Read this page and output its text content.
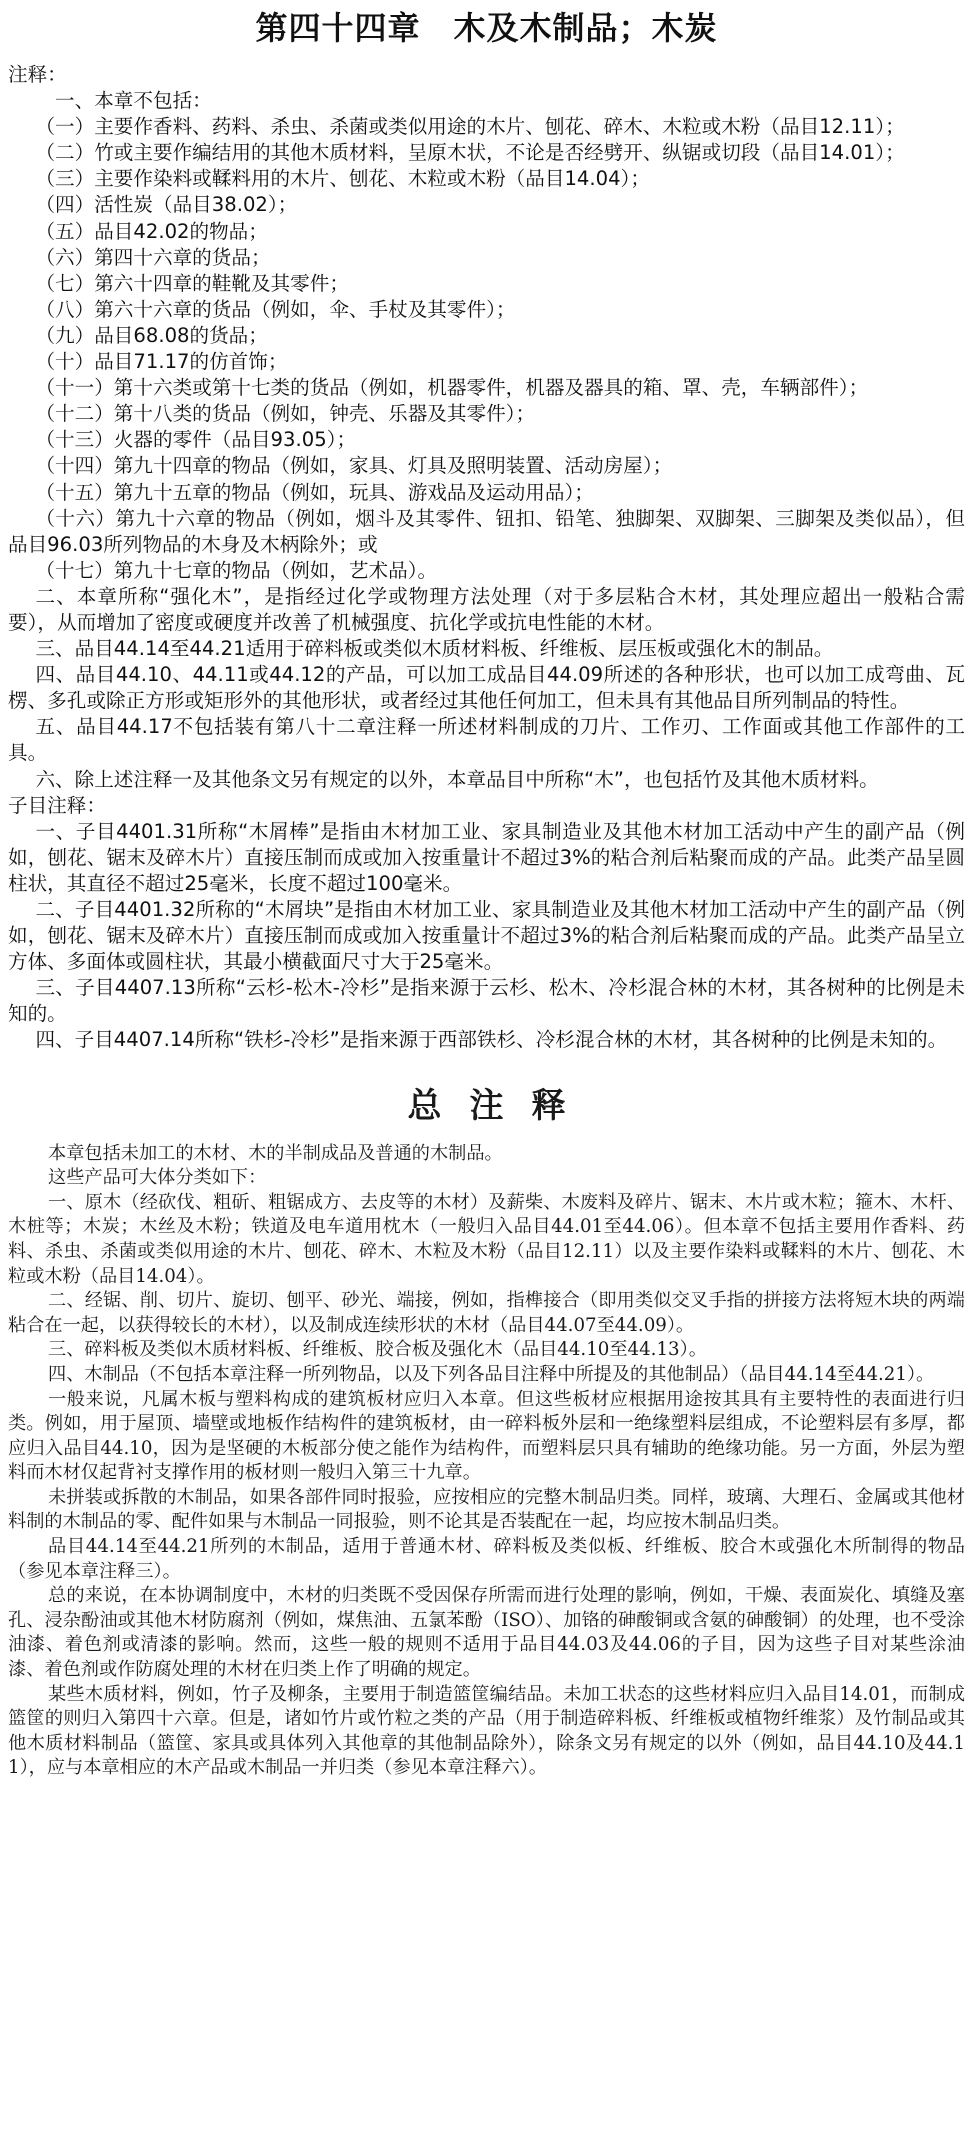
第四十四章　木及木制品；木炭

注释：

一、本章不包括：

（一）主要作香料、药料、杀虫、杀菌或类似用途的木片、刨花、碎木、木粒或木粉（品目12.11）；

（二）竹或主要作编结用的其他木质材料，呈原木状，不论是否经劈开、纵锯或切段（品目14.01）；

（三）主要作染料或鞣料用的木片、刨花、木粒或木粉（品目14.04）；

（四）活性炭（品目38.02）；

（五）品目42.02的物品；

（六）第四十六章的货品；

（七）第六十四章的鞋靴及其零件；

（八）第六十六章的货品（例如，伞、手杖及其零件）；

（九）品目68.08的货品；

（十）品目71.17的仿首饰；

（十一）第十六类或第十七类的货品（例如，机器零件，机器及器具的箱、罩、壳，车辆部件）；

（十二）第十八类的货品（例如，钟壳、乐器及其零件）；

（十三）火器的零件（品目93.05）；

（十四）第九十四章的物品（例如，家具、灯具及照明装置、活动房屋）；

（十五）第九十五章的物品（例如，玩具、游戏品及运动用品）；

（十六）第九十六章的物品（例如，烟斗及其零件、钮扣、铅笔、独脚架、双脚架、三脚架及类似品），但品目96.03所列物品的木身及木柄除外；或

（十七）第九十七章的物品（例如，艺术品）。

二、本章所称“强化木”，是指经过化学或物理方法处理（对于多层粘合木材，其处理应超出一般粘合需要），从而增加了密度或硬度并改善了机械强度、抗化学或抗电性能的木材。

三、品目44.14至44.21适用于碎料板或类似木质材料板、纤维板、层压板或强化木的制品。

四、品目44.10、44.11或44.12的产品，可以加工成品目44.09所述的各种形状，也可以加工成弯曲、瓦楞、多孔或除正方形或矩形外的其他形状，或者经过其他任何加工，但未具有其他品目所列制品的特性。

五、品目44.17不包括装有第八十二章注释一所述材料制成的刀片、工作刃、工作面或其他工作部件的工具。

六、除上述注释一及其他条文另有规定的以外，本章品目中所称“木”，也包括竹及其他木质材料。

子目注释：

一、子目4401.31所称“木屑棒”是指由木材加工业、家具制造业及其他木材加工活动中产生的副产品（例如，刨花、锯末及碎木片）直接压制而成或加入按重量计不超过3%的粘合剂后粘聚而成的产品。此类产品呈圆柱状，其直径不超过25毫米，长度不超过100毫米。

二、子目4401.32所称的“木屑块”是指由木材加工业、家具制造业及其他木材加工活动中产生的副产品（例如，刨花、锯末及碎木片）直接压制而成或加入按重量计不超过3%的粘合剂后粘聚而成的产品。此类产品呈立方体、多面体或圆柱状，其最小横截面尺寸大于25毫米。

三、子目4407.13所称“云杉-松木-冷杉”是指来源于云杉、松木、冷杉混合林的木材，其各树种的比例是未知的。

四、子目4407.14所称“铁杉-冷杉”是指来源于西部铁杉、冷杉混合林的木材，其各树种的比例是未知的。

总注释

本章包括未加工的木材、木的半制成品及普通的木制品。

这些产品可大体分类如下：

一、原木（经砍伐、粗斫、粗锯成方、去皮等的木材）及薪柴、木废料及碎片、锯末、木片或木粒；箍木、木杆、木桩等；木炭；木丝及木粉；铁道及电车道用枕木（一般归入品目44.01至44.06）。但本章不包括主要用作香料、药料、杀虫、杀菌或类似用途的木片、刨花、碎木、木粒及木粉（品目12.11）以及主要作染料或鞣料的木片、刨花、木粒或木粉（品目14.04）。

二、经锯、削、切片、旋切、刨平、砂光、端接，例如，指榫接合（即用类似交叉手指的拼接方法将短木块的两端粘合在一起，以获得较长的木材），以及制成连续形状的木材（品目44.07至44.09）。

三、碎料板及类似木质材料板、纤维板、胶合板及强化木（品目44.10至44.13）。

四、木制品（不包括本章注释一所列物品，以及下列各品目注释中所提及的其他制品）（品目44.14至44.21）。

一般来说，凡属木板与塑料构成的建筑板材应归入本章。但这些板材应根据用途按其具有主要特性的表面进行归类。例如，用于屋顶、墙壁或地板作结构件的建筑板材，由一碎料板外层和一绝缘塑料层组成，不论塑料层有多厚，都应归入品目44.10，因为是坚硬的木板部分使之能作为结构件，而塑料层只具有辅助的绝缘功能。另一方面，外层为塑料而木材仅起背衬支撑作用的板材则一般归入第三十九章。

未拼装或拆散的木制品，如果各部件同时报验，应按相应的完整木制品归类。同样，玻璃、大理石、金属或其他材料制的木制品的零、配件如果与木制品一同报验，则不论其是否装配在一起，均应按木制品归类。

品目44.14至44.21所列的木制品，适用于普通木材、碎料板及类似板、纤维板、胶合木或强化木所制得的物品（参见本章注释三）。

总的来说，在本协调制度中，木材的归类既不受因保存所需而进行处理的影响，例如，干燥、表面炭化、填缝及塞孔、浸杂酚油或其他木材防腐剂（例如，煤焦油、五氯苯酚（ISO）、加铬的砷酸铜或含氨的砷酸铜）的处理，也不受涂油漆、着色剂或清漆的影响。然而，这些一般的规则不适用于品目44.03及44.06的子目，因为这些子目对某些涂油漆、着色剂或作防腐处理的木材在归类上作了明确的规定。

某些木质材料，例如，竹子及柳条，主要用于制造篮筐编结品。未加工状态的这些材料应归入品目14.01，而制成篮筐的则归入第四十六章。但是，诸如竹片或竹粒之类的产品（用于制造碎料板、纤维板或植物纤维浆）及竹制品或其他木质材料制品（篮筐、家具或具体列入其他章的其他制品除外），除条文另有规定的以外（例如，品目44.10及44.11），应与本章相应的木产品或木制品一并归类（参见本章注释六）。
